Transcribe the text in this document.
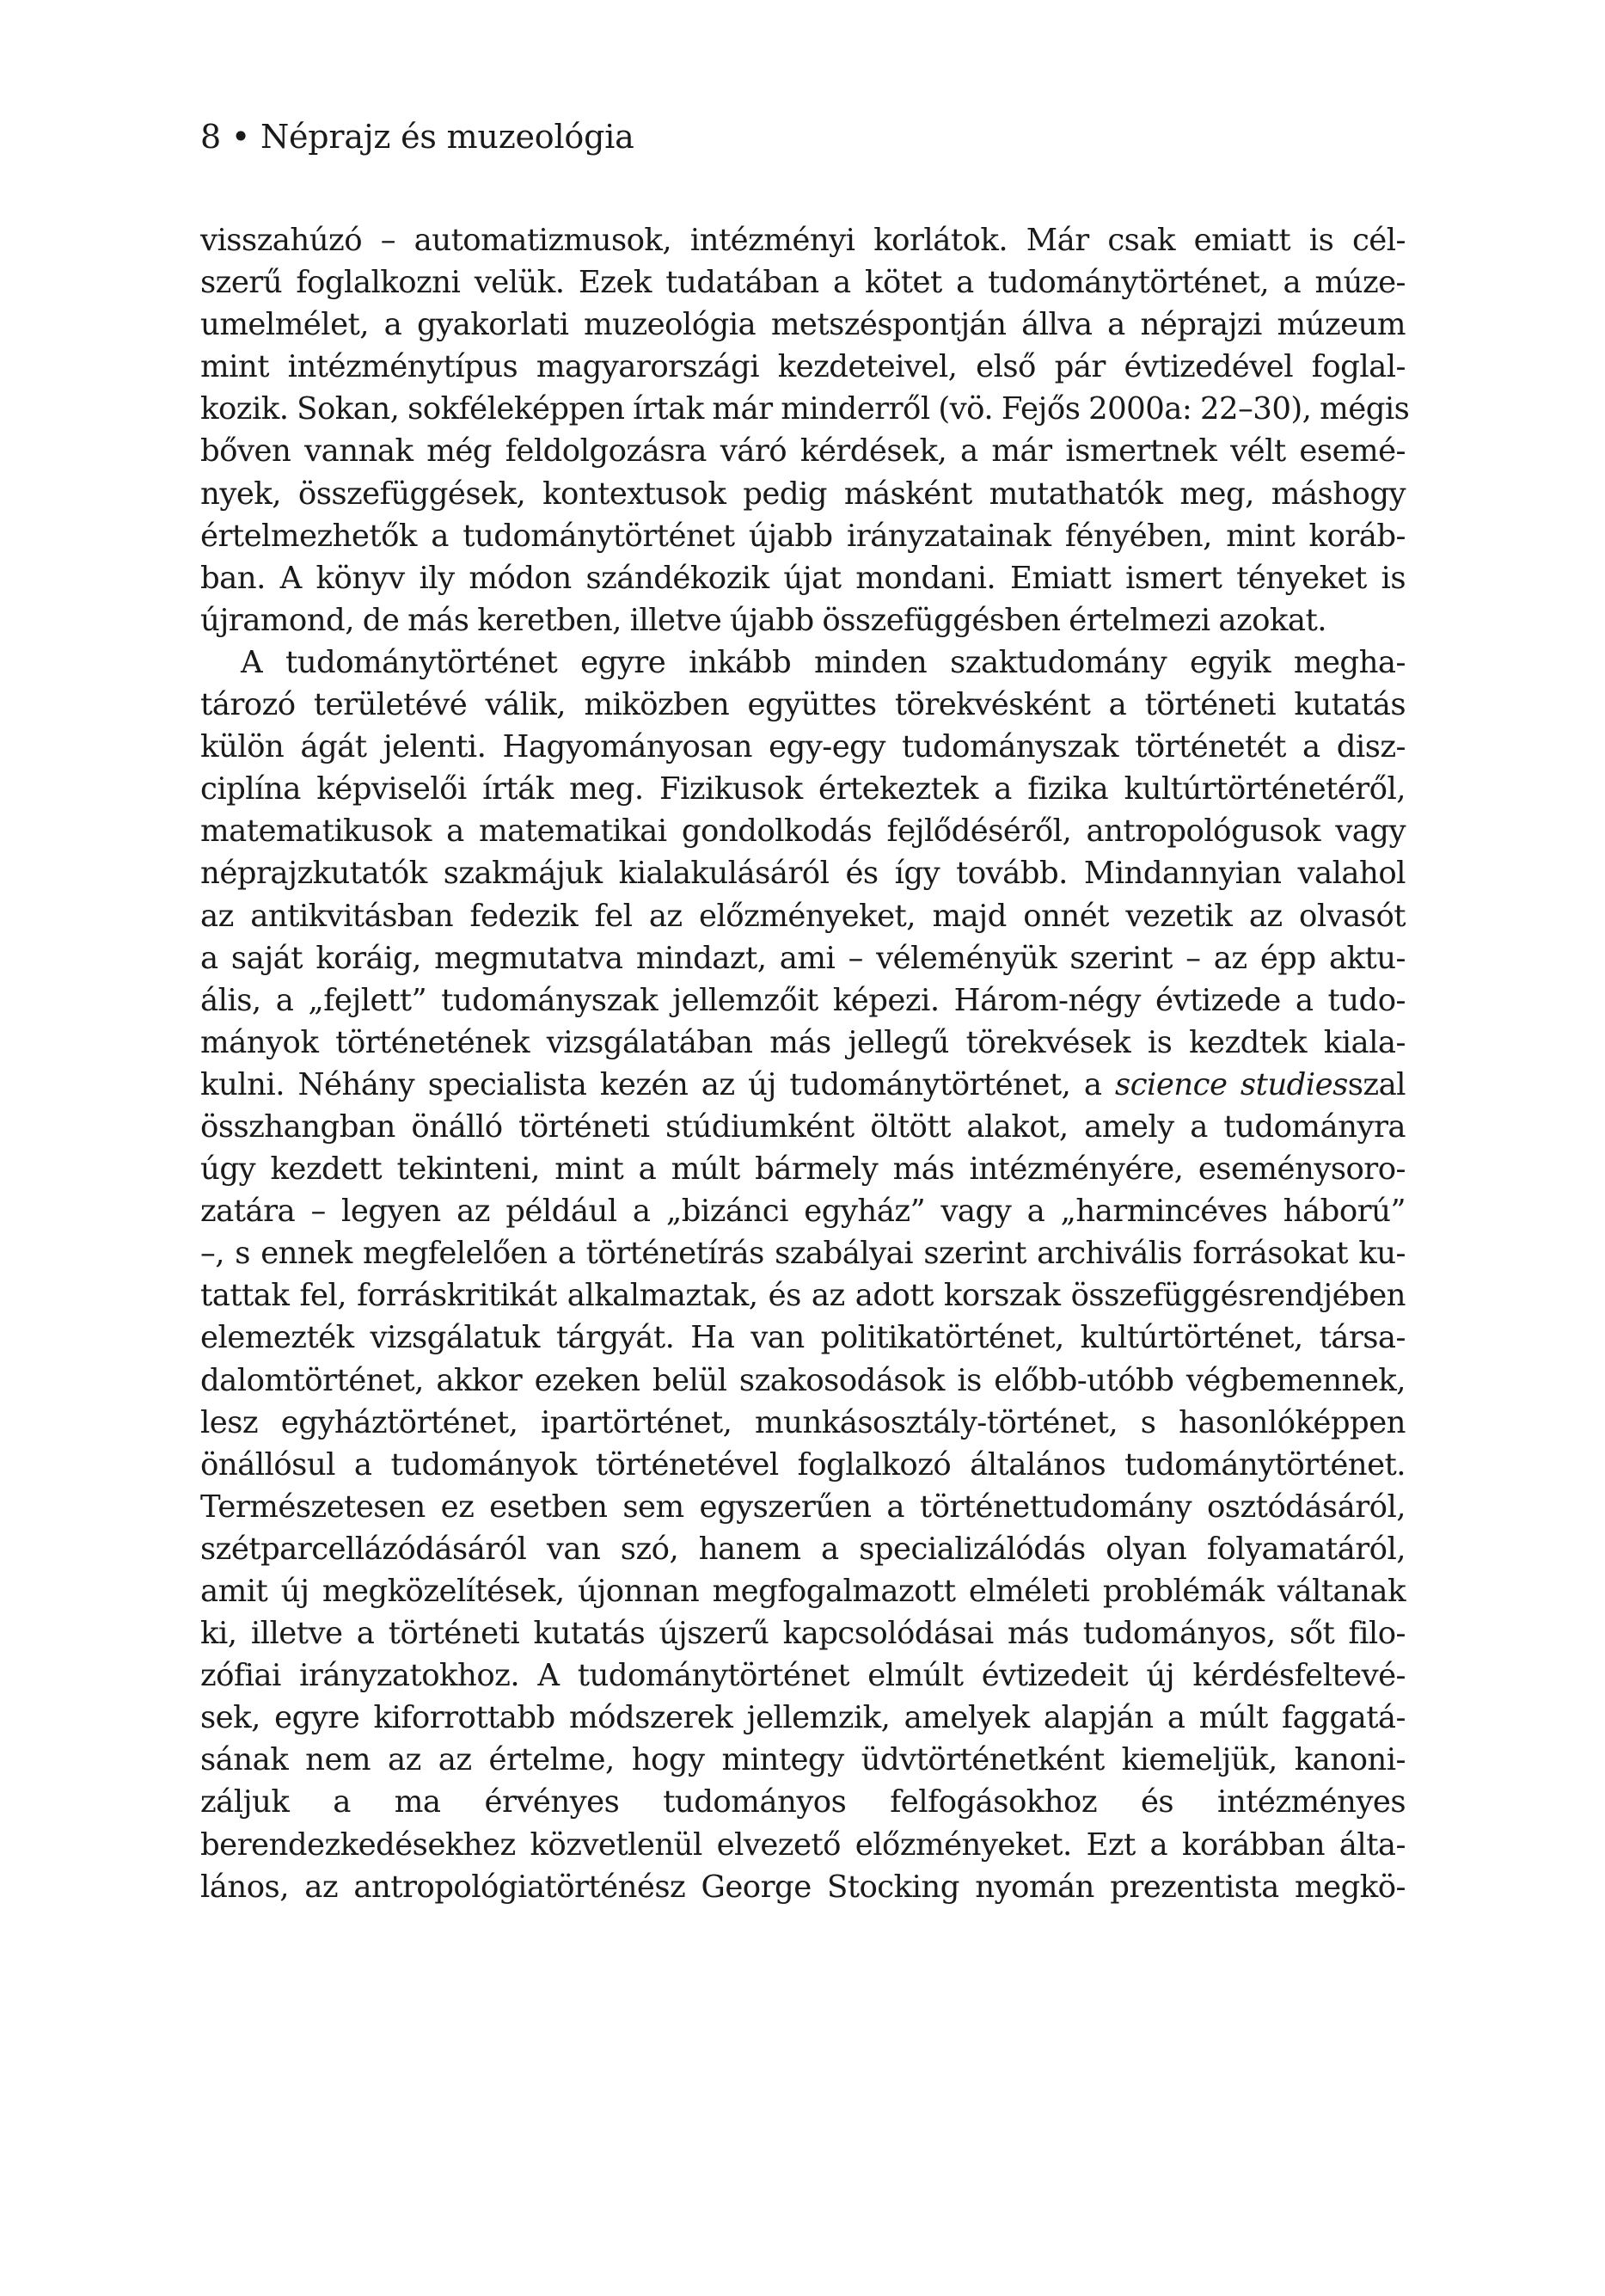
8 • Néprajz és muzeológia
visszahúzó – automatizmusok, intézményi korlátok. Már csak emiatt is cél-
szerű foglalkozni velük. Ezek tudatában a kötet a tudománytörténet, a múze-
umelmélet, a gyakorlati muzeológia metszéspontján állva a néprajzi múzeum
mint intézménytípus magyarországi kezdeteivel, első pár évtizedével foglal-
kozik. Sokan, sokféleképpen írtak már minderről (vö. Fejős 2000a: 22–30), mégis
bőven vannak még feldolgozásra váró kérdések, a már ismertnek vélt esemé-
nyek, összefüggések, kontextusok pedig másként mutathatók meg, máshogy
értelmezhetők a tudománytörténet újabb irányzatainak fényében, mint koráb-
ban. A könyv ily módon szándékozik újat mondani. Emiatt ismert tényeket is
újramond, de más keretben, illetve újabb összefüggésben értelmezi azokat.
A tudománytörténet egyre inkább minden szaktudomány egyik megha-
tározó területévé válik, miközben együttes törekvésként a történeti kutatás
külön ágát jelenti. Hagyományosan egy-egy tudományszak történetét a disz-
ciplína képviselői írták meg. Fizikusok értekeztek a fizika kultúrtörténetéről,
matematikusok a matematikai gondolkodás fejlődéséről, antropológusok vagy
néprajzkutatók szakmájuk kialakulásáról és így tovább. Mindannyian valahol
az antikvitásban fedezik fel az előzményeket, majd onnét vezetik az olvasót
a saját koráig, megmutatva mindazt, ami – véleményük szerint – az épp aktu-
ális, a „fejlett” tudományszak jellemzőit képezi. Három-négy évtizede a tudo-
mányok történetének vizsgálatában más jellegű törekvések is kezdtek kiala-
kulni. Néhány specialista kezén az új tudománytörténet, a science studiesszal
összhangban önálló történeti stúdiumként öltött alakot, amely a tudományra
úgy kezdett tekinteni, mint a múlt bármely más intézményére, eseménysoro-
zatára – legyen az például a „bizánci egyház” vagy a „harmincéves háború”
–, s ennek megfelelően a történetírás szabályai szerint archivális forrásokat ku-
tattak fel, forráskritikát alkalmaztak, és az adott korszak összefüggésrendjében
elemezték vizsgálatuk tárgyát. Ha van politikatörténet, kultúrtörténet, társa-
dalomtörténet, akkor ezeken belül szakosodások is előbb-utóbb végbemennek,
lesz egyháztörténet, ipartörténet, munkásosztály-történet, s hasonlóképpen
önállósul a tudományok történetével foglalkozó általános tudománytörténet.
Természetesen ez esetben sem egyszerűen a történettudomány osztódásáról,
szétparcellázódásáról van szó, hanem a specializálódás olyan folyamatáról,
amit új megközelítések, újonnan megfogalmazott elméleti problémák váltanak
ki, illetve a történeti kutatás újszerű kapcsolódásai más tudományos, sőt filo-
zófiai irányzatokhoz. A tudománytörténet elmúlt évtizedeit új kérdésfeltevé-
sek, egyre kiforrottabb módszerek jellemzik, amelyek alapján a múlt faggatá-
sának nem az az értelme, hogy mintegy üdvtörténetként kiemeljük, kanoni-
záljuk a ma érvényes tudományos felfogásokhoz és intézményes
berendezkedésekhez közvetlenül elvezető előzményeket. Ezt a korábban álta-
lános, az antropológiatörténész George Stocking nyomán prezentista megkö-
